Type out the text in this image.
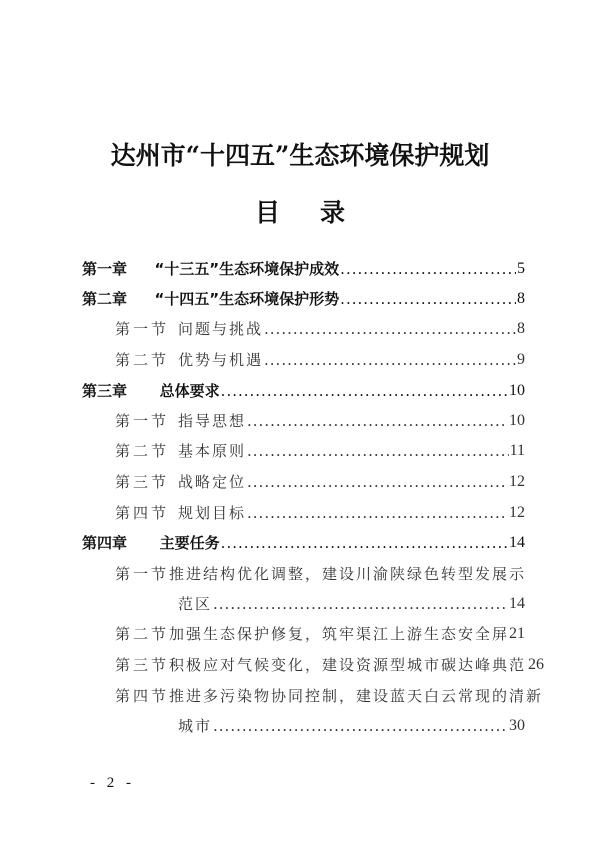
达州市“十四五”生态环境保护规划
目录
第一章	“十三五”生态环境保护成效 .....	5
第二章	“十四五”生态环境保护形势 .....	8
第一节 问题与挑战 .....	8
第二节 优势与机遇 .....	9
第三章	总体要求 .....	10
第一节 指导思想 .....	10
第二节 基本原则 .....	11
第三节 战略定位 .....	12
第四节 规划目标 .....	12
第四章	主要任务 .....	14
第一节 推进结构优化调整，建设川渝陕绿色转型发展示
范区 .....	14
第二节 加强生态保护修复，筑牢渠江上游生态安全屏 21
第三节 积极应对气候变化，建设资源型城市碳达峰典范 26
第四节 推进多污染物协同控制，建设蓝天白云常现的清新
城市 .....	30
- 2 -
